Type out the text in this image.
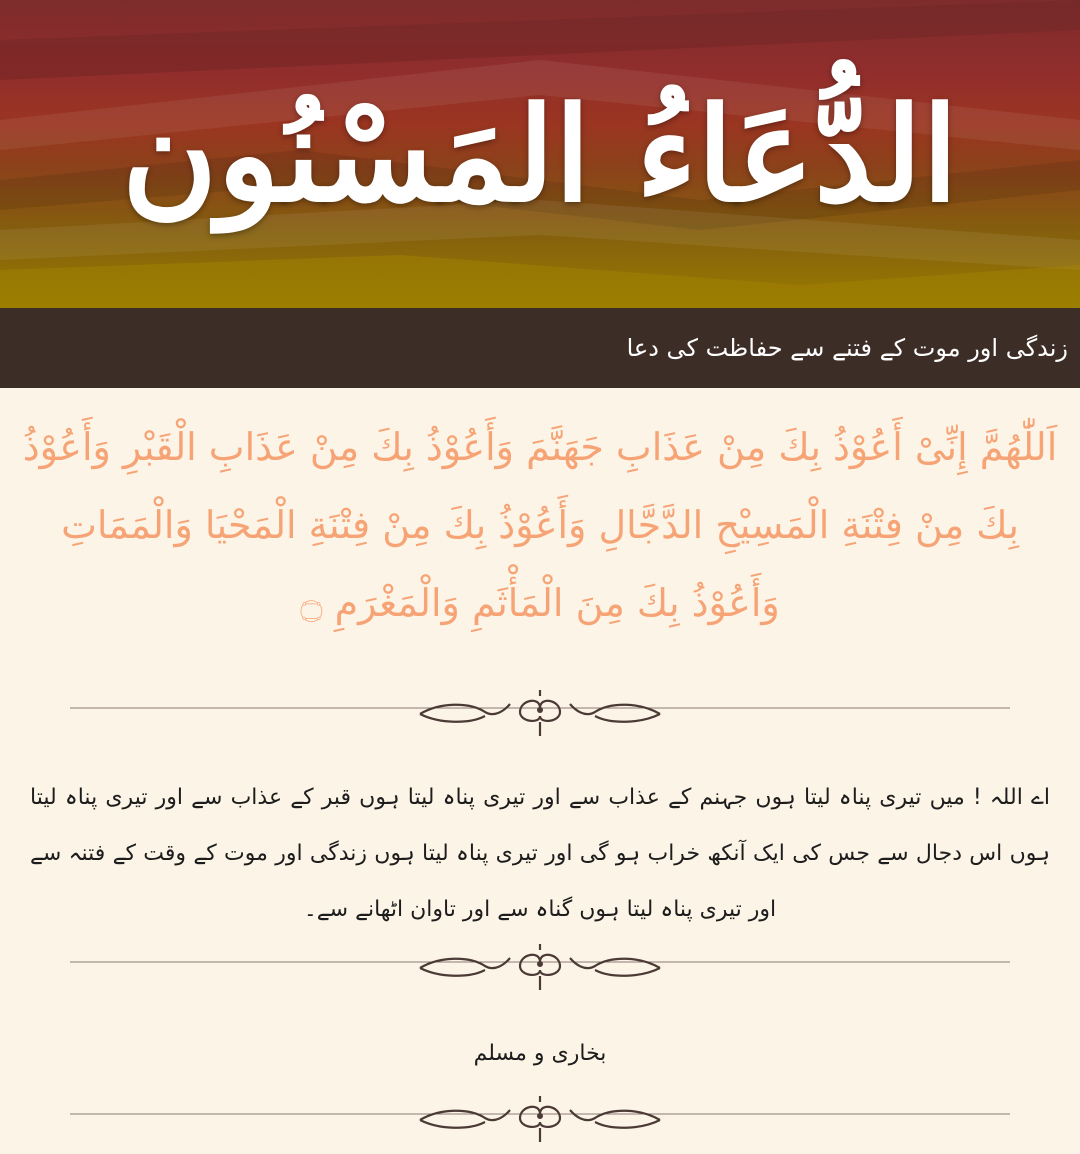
الدُّعَاءُ المَسْنُون
زندگی اور موت کے فتنے سے حفاظت کی دعا
اَللّٰهُمَّ إِنِّیْ أَعُوْذُ بِكَ مِنْ عَذَابِ جَهَنَّمَ وَأَعُوْذُ بِكَ مِنْ عَذَابِ الْقَبْرِ وَأَعُوْذُ بِكَ مِنْ فِتْنَةِ الْمَسِیْحِ الدَّجَّالِ وَأَعُوْذُ بِكَ مِنْ فِتْنَةِ الْمَحْیَا وَالْمَمَاتِ وَأَعُوْذُ بِكَ مِنَ الْمَأْثَمِ وَالْمَغْرَمِ ۝
اے اللہ ! میں تیری پناہ لیتا ہوں جہنم کے عذاب سے اور تیری پناہ لیتا ہوں قبر کے عذاب سے اور تیری پناہ لیتا ہوں اس دجال سے جس کی ایک آنکھ خراب ہو گی اور تیری پناہ لیتا ہوں زندگی اور موت کے وقت کے فتنہ سے اور تیری پناہ لیتا ہوں گناہ سے اور تاوان اٹھانے سے۔
بخاری و مسلم
